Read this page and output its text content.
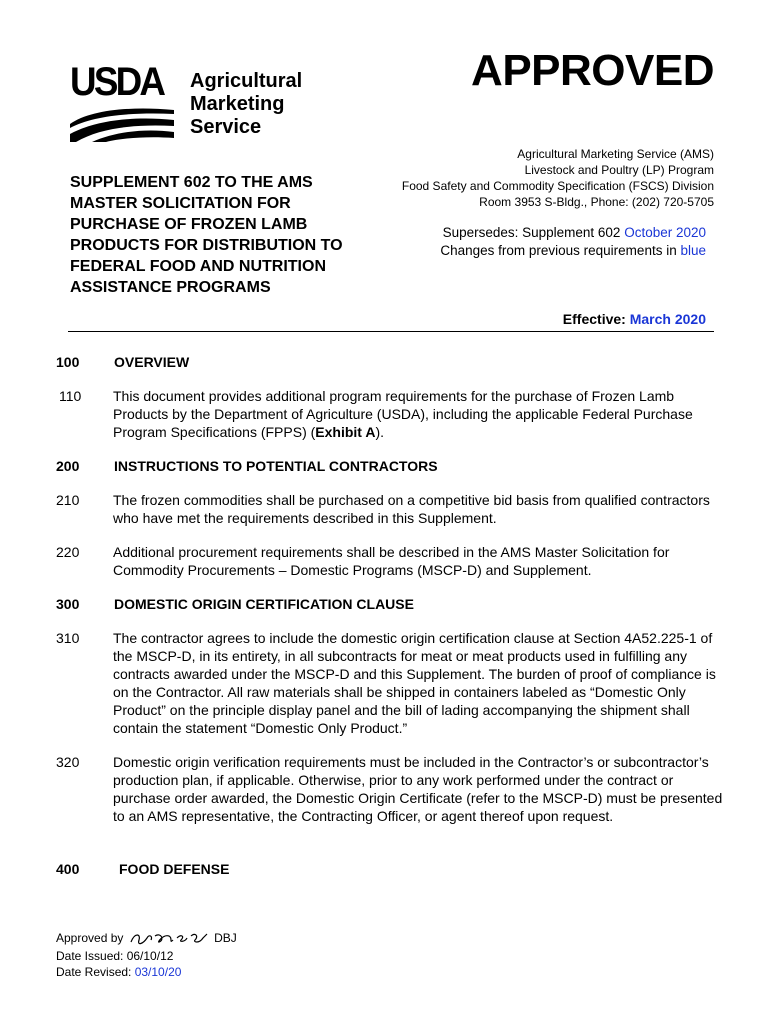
USDA Agricultural
Marketing
Service
APPROVED
Agricultural Marketing Service (AMS)
Livestock and Poultry (LP) Program
Food Safety and Commodity Specification (FSCS) Division
Room 3953 S-Bldg., Phone: (202) 720-5705
Supersedes: Supplement 602 October 2020
Changes from previous requirements in blue
SUPPLEMENT 602 TO THE AMS MASTER SOLICITATION FOR PURCHASE OF FROZEN LAMB PRODUCTS FOR DISTRIBUTION TO FEDERAL FOOD AND NUTRITION ASSISTANCE PROGRAMS
Effective: March 2020
100 OVERVIEW
110 This document provides additional program requirements for the purchase of Frozen Lamb Products by the Department of Agriculture (USDA), including the applicable Federal Purchase Program Specifications (FPPS) (Exhibit A).
200 INSTRUCTIONS TO POTENTIAL CONTRACTORS
210 The frozen commodities shall be purchased on a competitive bid basis from qualified contractors who have met the requirements described in this Supplement.
220 Additional procurement requirements shall be described in the AMS Master Solicitation for Commodity Procurements – Domestic Programs (MSCP-D) and Supplement.
300 DOMESTIC ORIGIN CERTIFICATION CLAUSE
310 The contractor agrees to include the domestic origin certification clause at Section 4A52.225-1 of the MSCP-D, in its entirety, in all subcontracts for meat or meat products used in fulfilling any contracts awarded under the MSCP-D and this Supplement. The burden of proof of compliance is on the Contractor. All raw materials shall be shipped in containers labeled as “Domestic Only Product” on the principle display panel and the bill of lading accompanying the shipment shall contain the statement “Domestic Only Product.”
320 Domestic origin verification requirements must be included in the Contractor’s or subcontractor’s production plan, if applicable. Otherwise, prior to any work performed under the contract or purchase order awarded, the Domestic Origin Certificate (refer to the MSCP-D) must be presented to an AMS representative, the Contracting Officer, or agent thereof upon request.
400	FOOD DEFENSE
Approved by	DBJ
Date Issued: 06/10/12
Date Revised: 03/10/20
